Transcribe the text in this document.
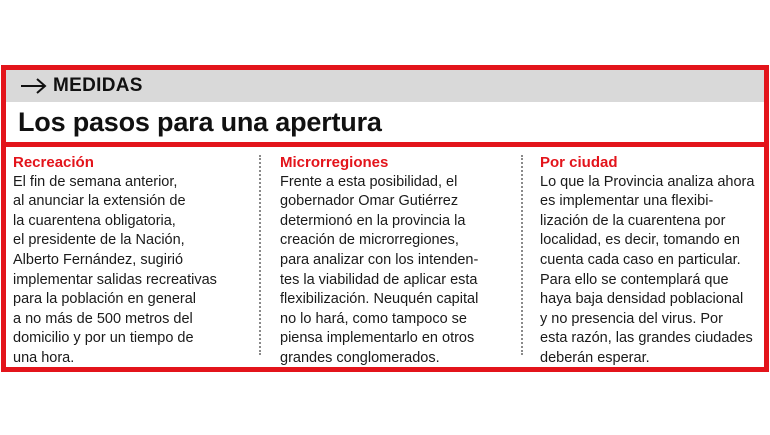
MEDIDAS
Los pasos para una apertura
Recreación
El fin de semana anterior,
al anunciar la extensión de
la cuarentena obligatoria,
el presidente de la Nación,
Alberto Fernández, sugirió
implementar salidas recreativas
para la población en general
a no más de 500 metros del
domicilio y por un tiempo de
una hora.
Microrregiones
Frente a esta posibilidad, el
gobernador Omar Gutiérrez
determionó en la provincia la
creación de microrregiones,
para analizar con los intenden-
tes la viabilidad de aplicar esta
flexibilización. Neuquén capital
no lo hará, como tampoco se
piensa implementarlo en otros
grandes conglomerados.
Por ciudad
Lo que la Provincia analiza ahora
es implementar una flexibi-
lización de la cuarentena por
localidad, es decir, tomando en
cuenta cada caso en particular.
Para ello se contemplará que
haya baja densidad poblacional
y no presencia del virus. Por
esta razón, las grandes ciudades
deberán esperar.
